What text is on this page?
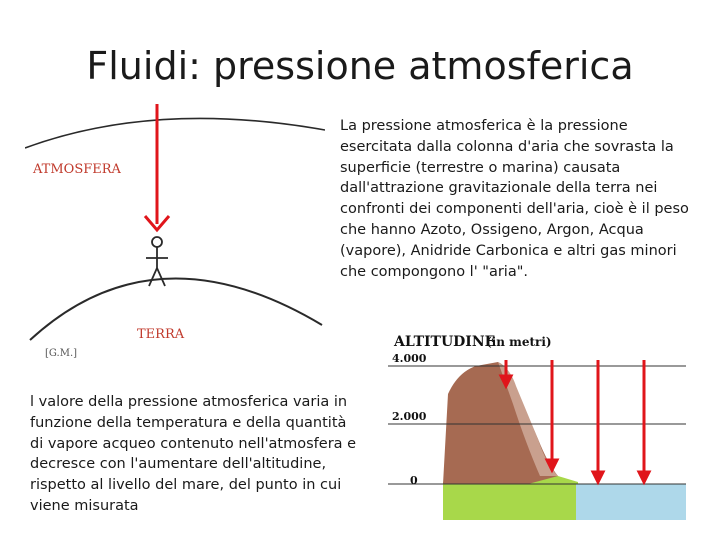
Fluidi: pressione atmosferica
ATMOSFERA
TERRA
[G.M.]
La pressione atmosferica è la pressione esercitata dalla colonna d'aria che sovrasta la superficie (terrestre o marina) causata dall'attrazione gravitazionale della terra nei confronti dei componenti dell'aria, cioè è il peso che hanno Azoto, Ossigeno, Argon, Acqua (vapore), Anidride Carbonica e altri gas minori che compongono l' "aria".
ALTITUDINE
(in metri)
4.000
2.000
0
l valore della pressione atmosferica varia in funzione della temperatura e della quantità di vapore acqueo contenuto nell'atmosfera e decresce con l'aumentare dell'altitudine, rispetto al livello del mare, del punto in cui viene misurata
